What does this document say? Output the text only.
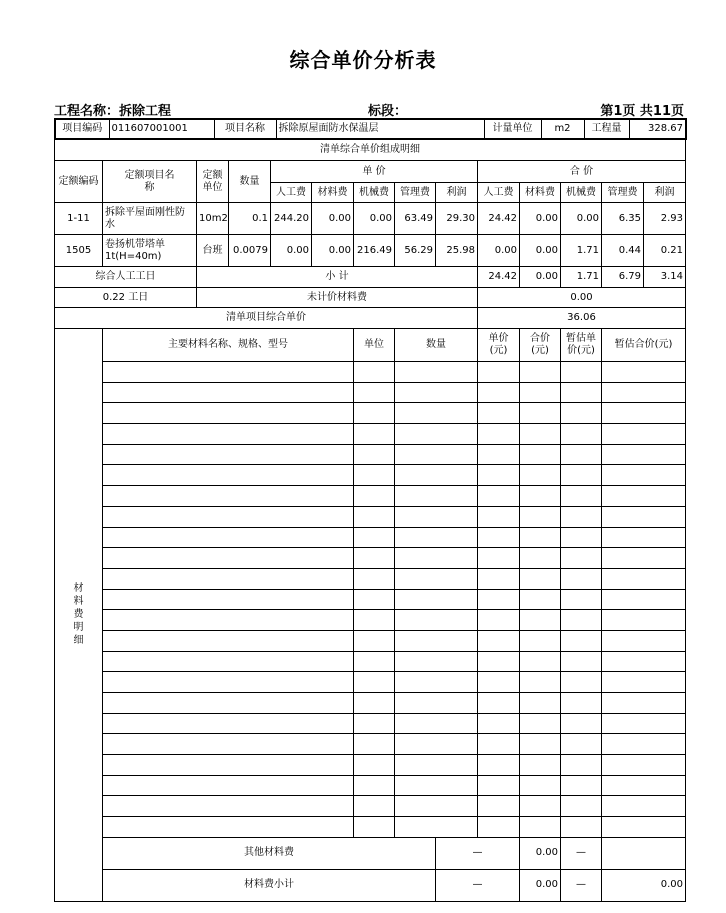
综合单价分析表
工程名称：拆除工程	标段：	第1页 共11页
项目编码	011607001001	项目名称	拆除原屋面防水保温层	计量单位	m2	工程量	328.67
清单综合单价组成明细													
定额编码	定额项目名称	定额单位	数量	单 价					合 价				
				人工费	材料费	机械费	管理费	利润	人工费	材料费	机械费	管理费	利润
1-11	拆除平屋面刚性防水	10m2	0.1	244.20	0.00	0.00	63.49	29.30	24.42	0.00	0.00	6.35	2.93
1505	卷扬机带塔单1t(H=40m)	台班	0.0079	0.00	0.00	216.49	56.29	25.98	0.00	0.00	1.71	0.44	0.21
综合人工工日		小 计							24.42	0.00	1.71	6.79	3.14
0.22 工日		未计价材料费							0.00				
清单项目综合单价									36.06				
材料费明细	主要材料名称、规格、型号					单位	数量		单价(元)	合价(元)	暂估单价(元)	暂估合价(元)	

	其他材料费							—		0.00	—		
	材料费小计							—		0.00	—	0.00	
